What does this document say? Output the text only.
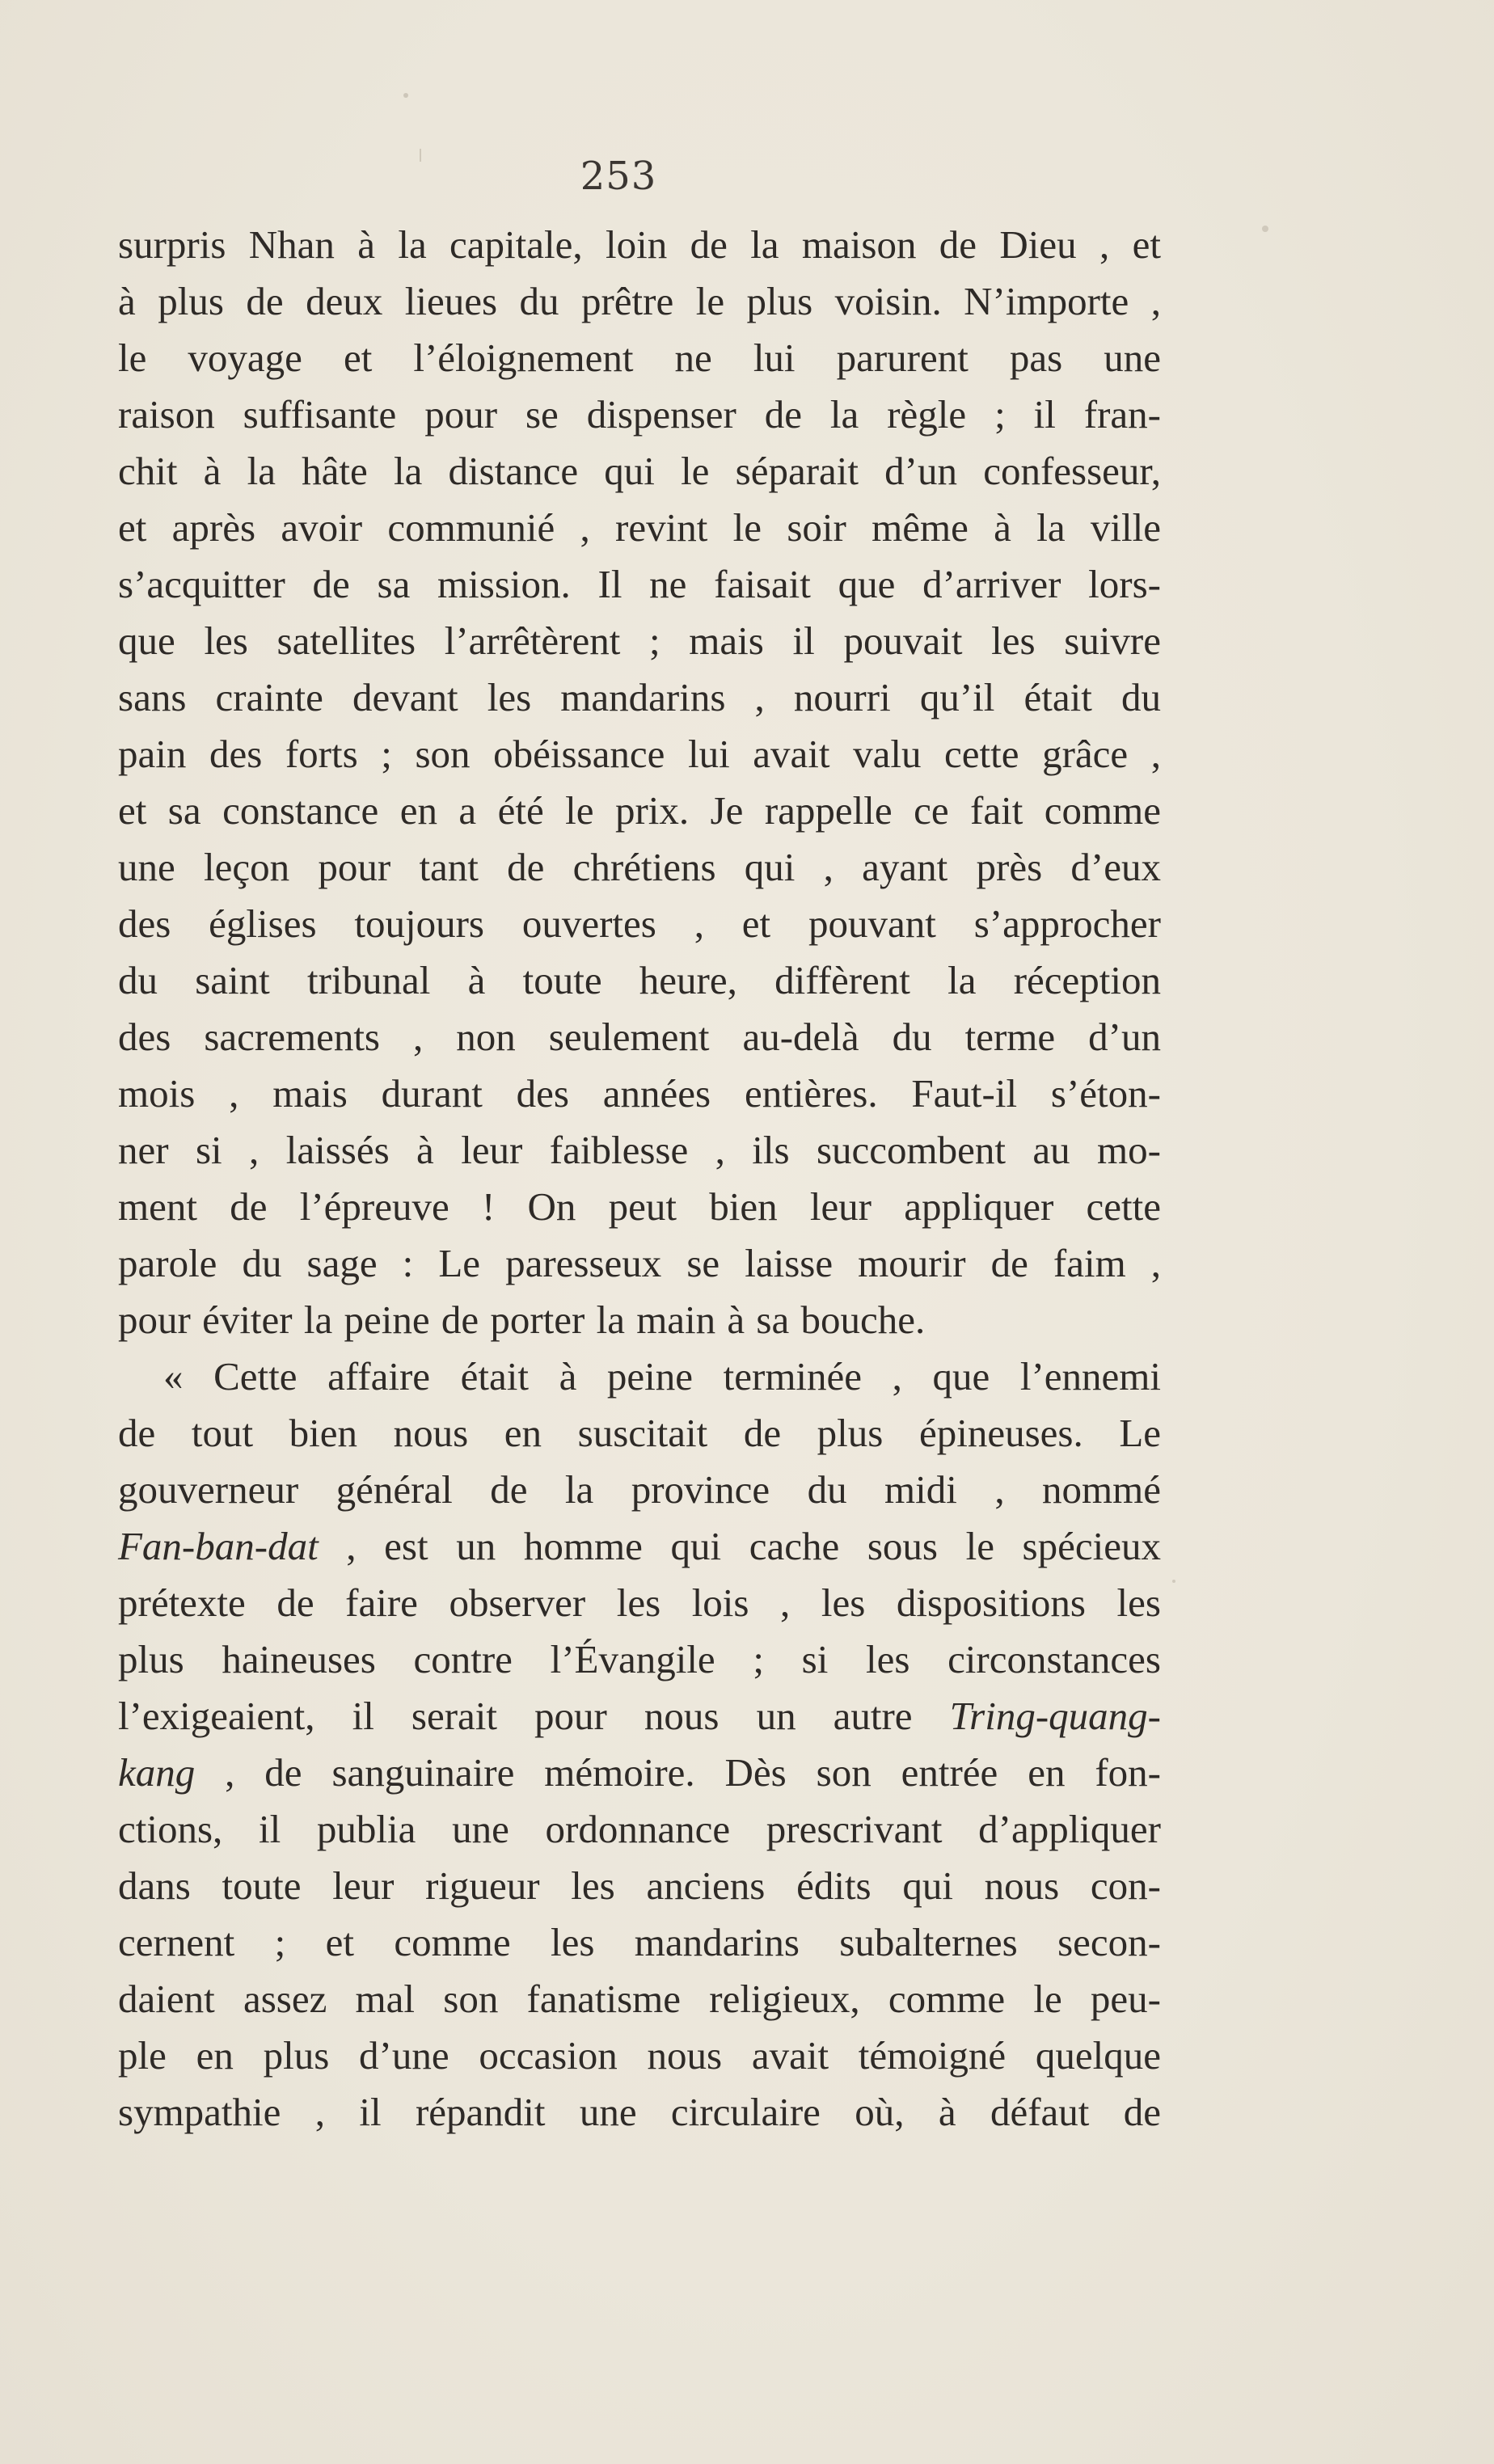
253
surpris Nhan à la capitale, loin de la maison de Dieu , et
à plus de deux lieues du prêtre le plus voisin. N’importe ,
le voyage et l’éloignement ne lui parurent pas une
raison suffisante pour se dispenser de la règle ; il fran-
chit à la hâte la distance qui le séparait d’un confesseur,
et après avoir communié , revint le soir même à la ville
s’acquitter de sa mission. Il ne faisait que d’arriver lors-
que les satellites l’arrêtèrent ; mais il pouvait les suivre
sans crainte devant les mandarins , nourri qu’il était du
pain des forts ; son obéissance lui avait valu cette grâce ,
et sa constance en a été le prix. Je rappelle ce fait comme
une leçon pour tant de chrétiens qui , ayant près d’eux
des églises toujours ouvertes , et pouvant s’approcher
du saint tribunal à toute heure, diffèrent la réception
des sacrements , non seulement au-delà du terme d’un
mois , mais durant des années entières. Faut-il s’éton-
ner si , laissés à leur faiblesse , ils succombent au mo-
ment de l’épreuve ! On peut bien leur appliquer cette
parole du sage : Le paresseux se laisse mourir de faim ,
pour éviter la peine de porter la main à sa bouche.
« Cette affaire était à peine terminée , que l’ennemi
de tout bien nous en suscitait de plus épineuses. Le
gouverneur général de la province du midi , nommé
Fan-ban-dat , est un homme qui cache sous le spécieux
prétexte de faire observer les lois , les dispositions les
plus haineuses contre l’Évangile ; si les circonstances
l’exigeaient, il serait pour nous un autre Tring-quang-
kang , de sanguinaire mémoire. Dès son entrée en fon-
ctions, il publia une ordonnance prescrivant d’appliquer
dans toute leur rigueur les anciens édits qui nous con-
cernent ; et comme les mandarins subalternes secon-
daient assez mal son fanatisme religieux, comme le peu-
ple en plus d’une occasion nous avait témoigné quelque
sympathie , il répandit une circulaire où, à défaut de
